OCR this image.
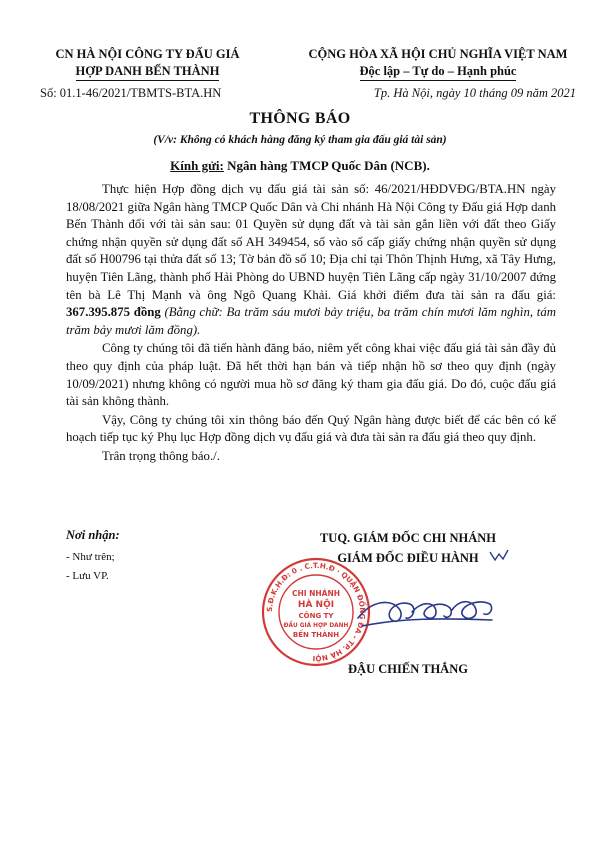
CN HÀ NỘI CÔNG TY ĐẤU GIÁ
HỢP DANH BẾN THÀNH
Số: 01.1-46/2021/TBMTS-BTA.HN
CỘNG HÒA XÃ HỘI CHỦ NGHĨA VIỆT NAM
Độc lập – Tự do – Hạnh phúc
Tp. Hà Nội, ngày 10 tháng 09 năm 2021
THÔNG BÁO
(V/v: Không có khách hàng đăng ký tham gia đấu giá tài sản)
Kính gửi: Ngân hàng TMCP Quốc Dân (NCB).

Thực hiện Hợp đồng dịch vụ đấu giá tài sản số: 46/2021/HĐDVĐG/BTA.HN ngày 18/08/2021 giữa Ngân hàng TMCP Quốc Dân và Chi nhánh Hà Nội Công ty Đấu giá Hợp danh Bến Thành đối với tài sản sau: 01 Quyền sử dụng đất và tài sản gắn liền với đất theo Giấy chứng nhận quyền sử dụng đất số AH 349454, số vào sổ cấp giấy chứng nhận quyền sử dụng đất số H00796 tại thửa đất số 13; Tờ bản đồ số 10; Địa chỉ tại Thôn Thịnh Hưng, xã Tây Hưng, huyện Tiên Lãng, thành phố Hải Phòng do UBND huyện Tiên Lãng cấp ngày 31/10/2007 đứng tên bà Lê Thị Mạnh và ông Ngô Quang Khải. Giá khởi điểm đưa tài sản ra đấu giá: 367.395.875 đồng (Bằng chữ: Ba trăm sáu mươi bảy triệu, ba trăm chín mươi lăm nghìn, tám trăm bảy mươi lăm đồng).

Công ty chúng tôi đã tiến hành đăng báo, niêm yết công khai việc đấu giá tài sản đầy đủ theo quy định của pháp luật. Đã hết thời hạn bán và tiếp nhận hồ sơ theo quy định (ngày 10/09/2021) nhưng không có người mua hồ sơ đăng ký tham gia đấu giá. Do đó, cuộc đấu giá tài sản không thành.

Vậy, Công ty chúng tôi xin thông báo đến Quý Ngân hàng được biết để các bên có kế hoạch tiếp tục ký Phụ lục Hợp đồng dịch vụ đấu giá và đưa tài sản ra đấu giá theo quy định.

Trân trọng thông báo./.

Nơi nhận:
- Như trên;
- Lưu VP.
TUQ. GIÁM ĐỐC CHI NHÁNH
GIÁM ĐỐC ĐIỀU HÀNH
S.Đ.K.H.Đ: 0 . C.T.H.Đ · QUẬN ĐỐNG ĐA - TP. HÀ NỘI
CHI NHÁNH
HÀ NỘI
CÔNG TY
ĐẤU GIÁ HỢP DANH
BẾN THÀNH
ĐẬU CHIẾN THẮNG
